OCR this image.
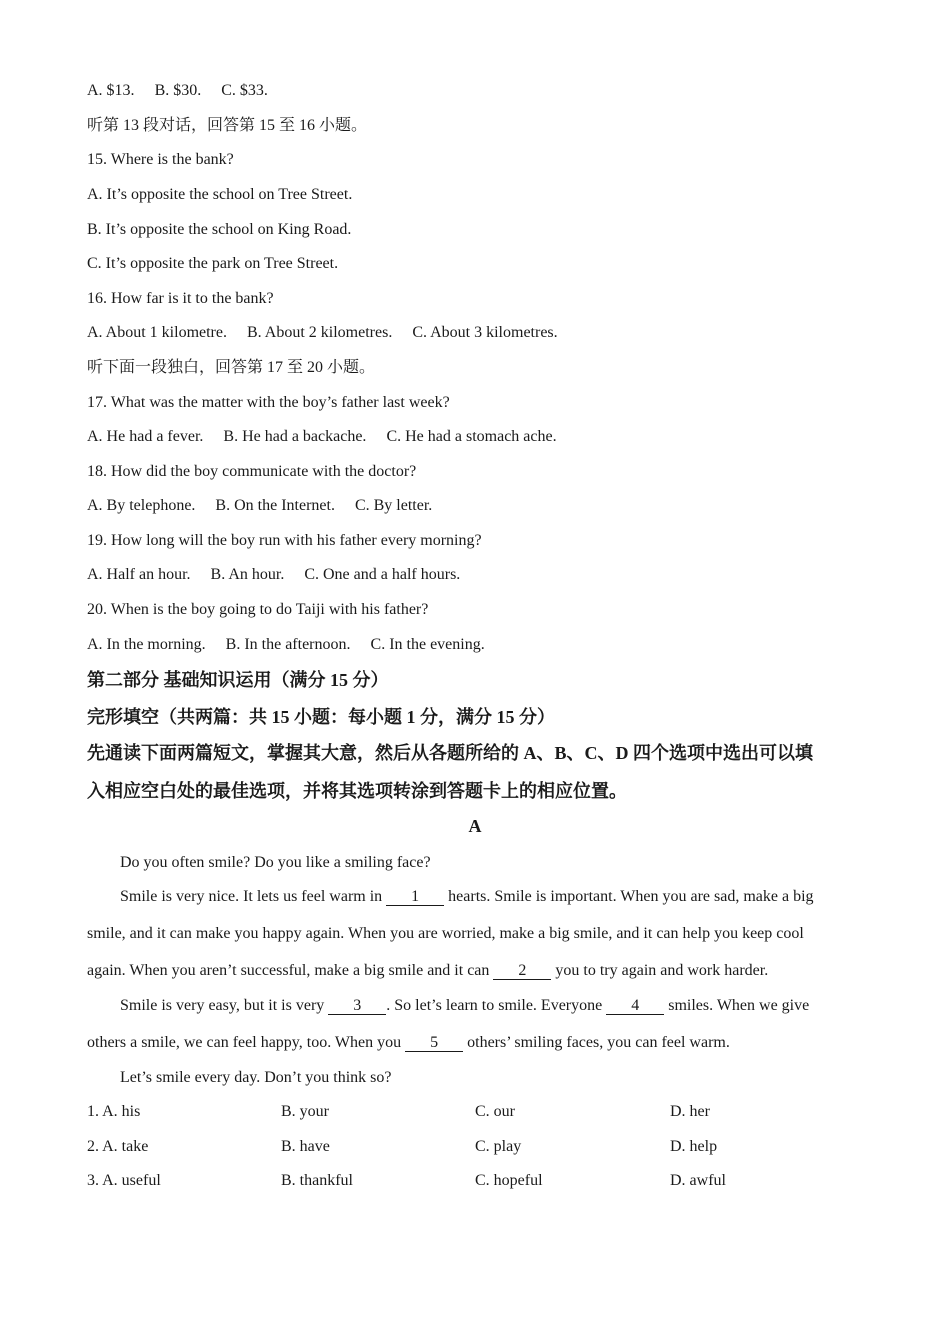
A. $13. B. $30. C. $33.
听第 13 段对话，回答第 15 至 16 小题。
15. Where is the bank?
A. It’s opposite the school on Tree Street.
B. It’s opposite the school on King Road.
C. It’s opposite the park on Tree Street.
16. How far is it to the bank?
A. About 1 kilometre. B. About 2 kilometres. C. About 3 kilometres.
听下面一段独白，回答第 17 至 20 小题。
17. What was the matter with the boy’s father last week?
A. He had a fever. B. He had a backache. C. He had a stomach ache.
18. How did the boy communicate with the doctor?
A. By telephone. B. On the Internet. C. By letter.
19. How long will the boy run with his father every morning?
A. Half an hour. B. An hour. C. One and a half hours.
20. When is the boy going to do Taiji with his father?
A. In the morning. B. In the afternoon. C. In the evening.
第二部分 基础知识运用（满分 15 分）
完形填空（共两篇：共 15 小题：每小题 1 分，满分 15 分）
先通读下面两篇短文，掌握其大意，然后从各题所给的 A、B、C、D 四个选项中选出可以填
入相应空白处的最佳选项，并将其选项转涂到答题卡上的相应位置。
A
Do you often smile? Do you like a smiling face?
Smile is very nice. It lets us feel warm in 1 hearts. Smile is important. When you are sad, make a big
smile, and it can make you happy again. When you are worried, make a big smile, and it can help you keep cool
again. When you aren’t successful, make a big smile and it can 2 you to try again and work harder.
Smile is very easy, but it is very 3 . So let’s learn to smile. Everyone 4 smiles. When we give
others a smile, we can feel happy, too. When you 5 others’ smiling faces, you can feel warm.
Let’s smile every day. Don’t you think so?
1. A. his	B. your	C. our	D. her
2. A. take	B. have	C. play	D. help
3. A. useful	B. thankful	C. hopeful	D. awful
